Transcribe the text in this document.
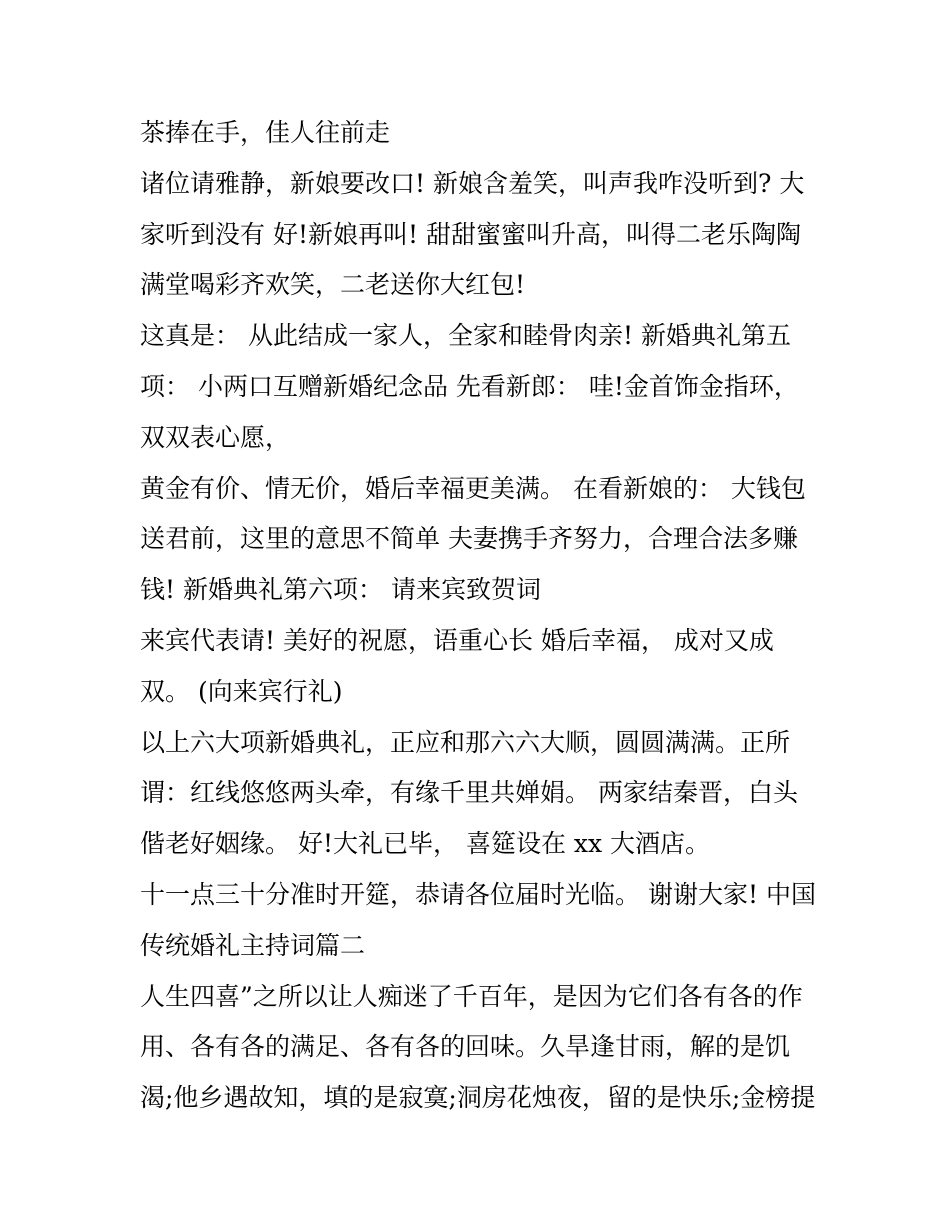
茶捧在手，佳人往前走

诸位请雅静，新娘要改口! 新娘含羞笑，叫声我咋没听到? 大

家听到没有 好!新娘再叫! 甜甜蜜蜜叫升高，叫得二老乐陶陶

满堂喝彩齐欢笑，二老送你大红包!

这真是： 从此结成一家人，全家和睦骨肉亲! 新婚典礼第五

项： 小两口互赠新婚纪念品 先看新郎： 哇!金首饰金指环，

双双表心愿，

黄金有价、情无价，婚后幸福更美满。 在看新娘的： 大钱包

送君前，这里的意思不简单 夫妻携手齐努力，合理合法多赚

钱! 新婚典礼第六项： 请来宾致贺词

来宾代表请! 美好的祝愿，语重心长 婚后幸福， 成对又成

双。 (向来宾行礼)

以上六大项新婚典礼，正应和那六六大顺，圆圆满满。正所

谓：红线悠悠两头牵，有缘千里共婵娟。 两家结秦晋，白头

偕老好姻缘。 好!大礼已毕， 喜筵设在 xx 大酒店。

十一点三十分准时开筵，恭请各位届时光临。 谢谢大家! 中国

传统婚礼主持词篇二

人生四喜”之所以让人痴迷了千百年，是因为它们各有各的作

用、各有各的满足、各有各的回味。久旱逢甘雨，解的是饥

渴;他乡遇故知，填的是寂寞;洞房花烛夜，留的是快乐;金榜提
